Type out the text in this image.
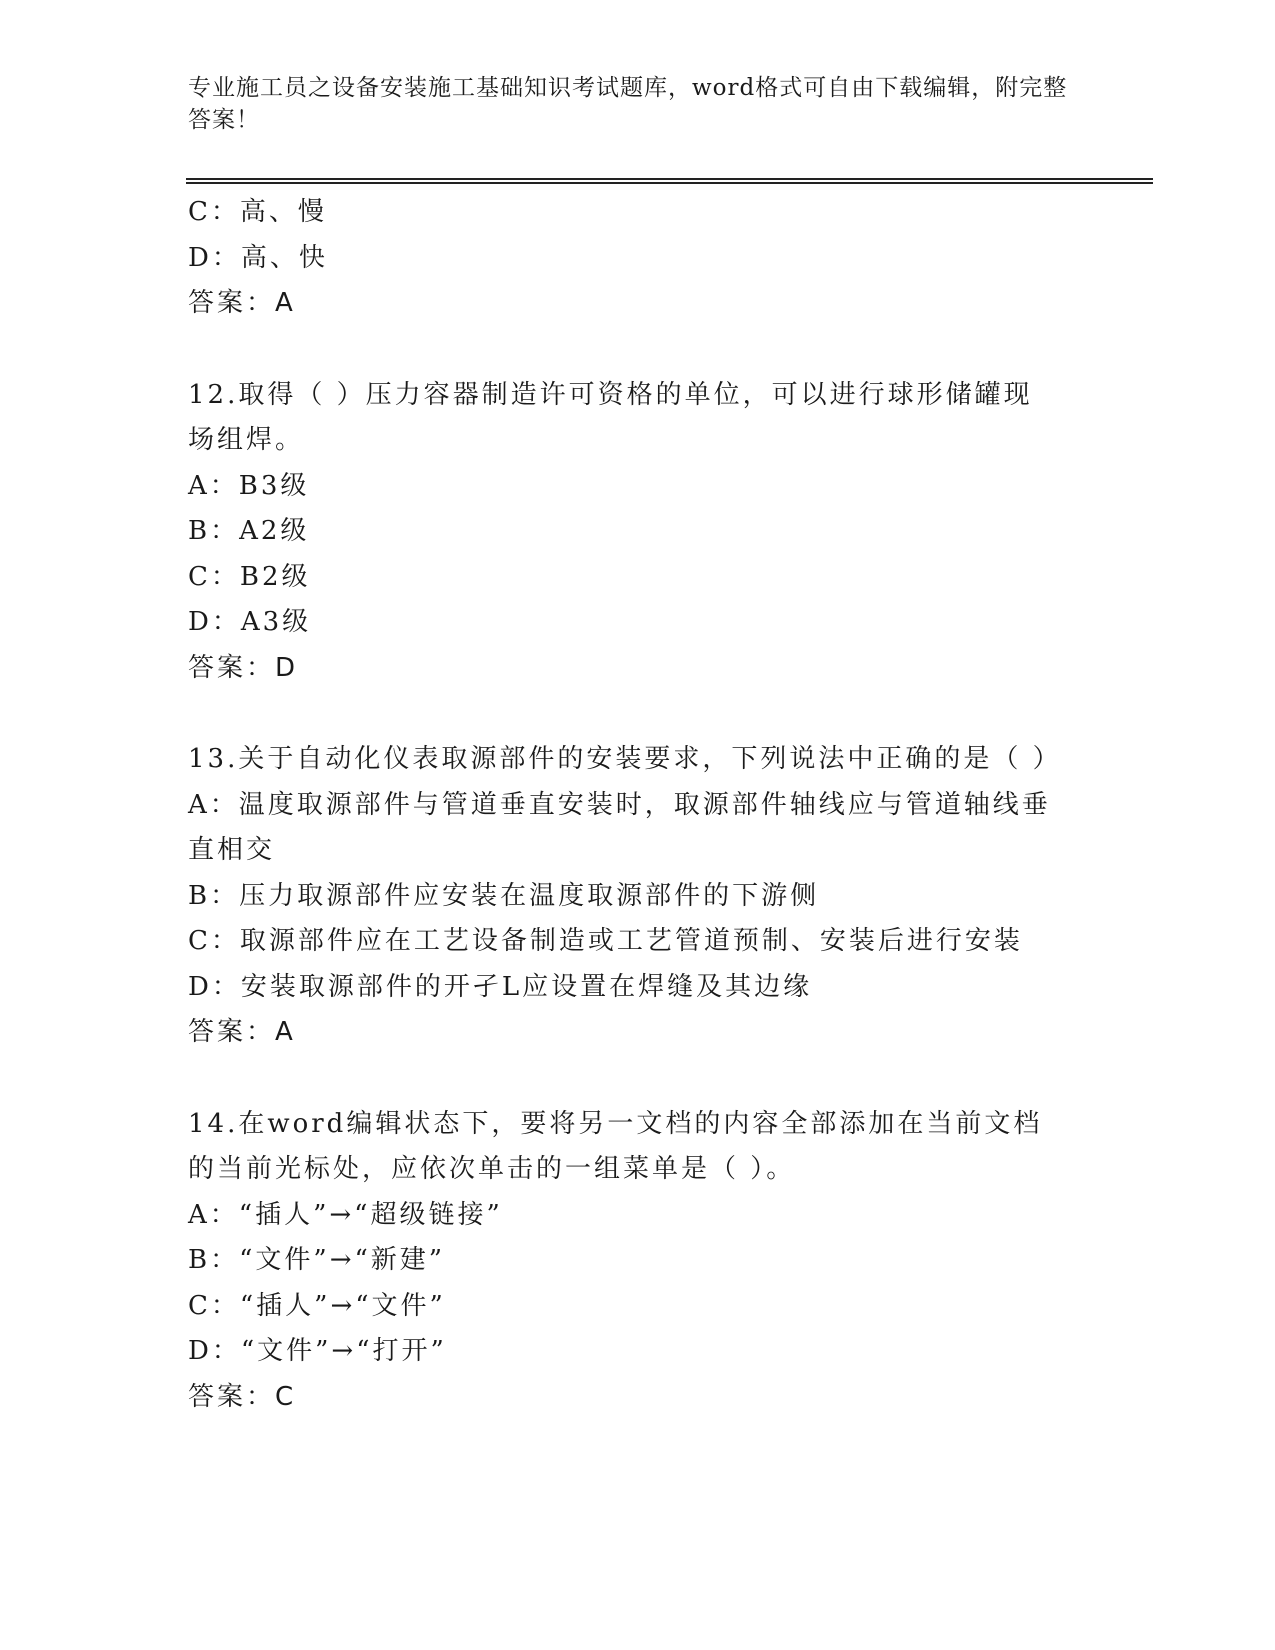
专业施工员之设备安装施工基础知识考试题库，word格式可自由下载编辑，附完整答案！
C：高、慢
D：高、快
答案：A
12.取得（ ）压力容器制造许可资格的单位，可以进行球形储罐现场组焊。
A：B3级
B：A2级
C：B2级
D：A3级
答案：D
13.关于自动化仪表取源部件的安装要求，下列说法中正确的是（ ）
A：温度取源部件与管道垂直安装时，取源部件轴线应与管道轴线垂直相交
B：压力取源部件应安装在温度取源部件的下游侧
C：取源部件应在工艺设备制造或工艺管道预制、安装后进行安装
D：安装取源部件的开孑L应设置在焊缝及其边缘
答案：A
14.在word编辑状态下，要将另一文档的内容全部添加在当前文档的当前光标处，应依次单击的一组菜单是（ ）。
A：“插人”→“超级链接”
B：“文件”→“新建”
C：“插人”→“文件”
D：“文件”→“打开”
答案：C
